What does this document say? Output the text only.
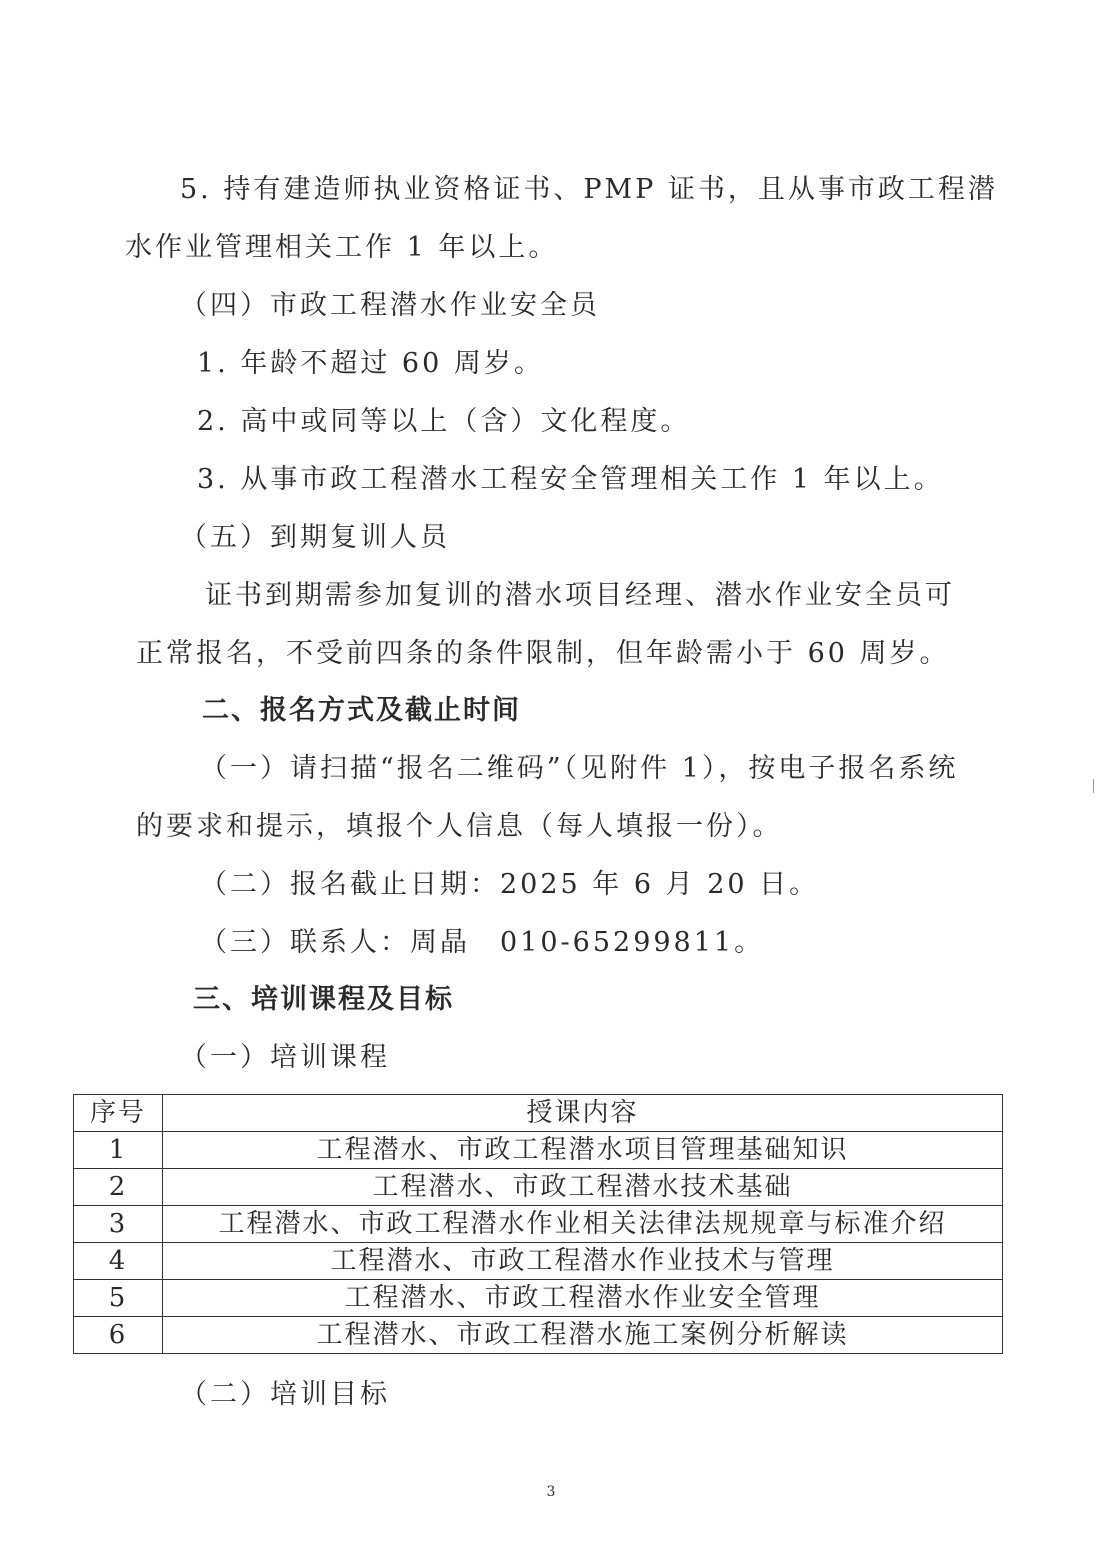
5. 持有建造师执业资格证书、PMP 证书，且从事市政工程潜
水作业管理相关工作 1 年以上。
（四）市政工程潜水作业安全员
1. 年龄不超过 60 周岁。
2. 高中或同等以上（含）文化程度。
3. 从事市政工程潜水工程安全管理相关工作 1 年以上。
（五）到期复训人员
证书到期需参加复训的潜水项目经理、潜水作业安全员可
正常报名，不受前四条的条件限制，但年龄需小于 60 周岁。
二、报名方式及截止时间
（一）请扫描“报名二维码”（见附件 1），按电子报名系统
的要求和提示，填报个人信息（每人填报一份）。
（二）报名截止日期：2025 年 6 月 20 日。
（三）联系人：周晶　010-65299811。
三、培训课程及目标
（一）培训课程
序号	授课内容
1	工程潜水、市政工程潜水项目管理基础知识
2	工程潜水、市政工程潜水技术基础
3	工程潜水、市政工程潜水作业相关法律法规规章与标准介绍
4	工程潜水、市政工程潜水作业技术与管理
5	工程潜水、市政工程潜水作业安全管理
6	工程潜水、市政工程潜水施工案例分析解读
（二）培训目标
3
